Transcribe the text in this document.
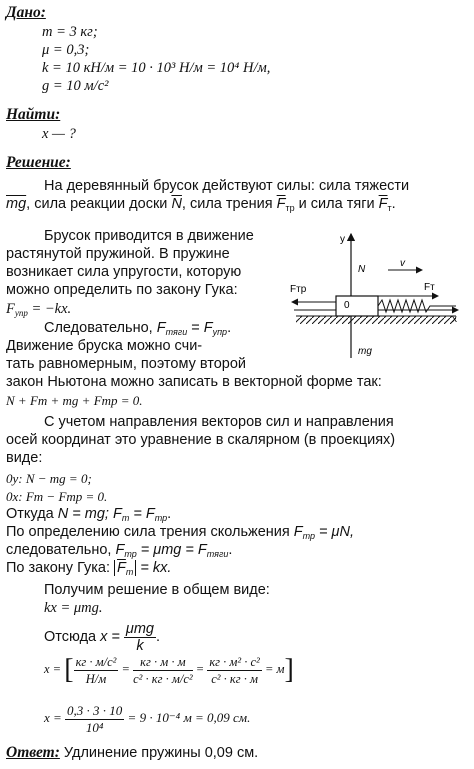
Дано:
m = 3 кг;
μ = 0,3;
k = 10 кН/м = 10 · 10³ Н/м = 10⁴ Н/м,
g = 10 м/c²
Найти:
x — ?
Решение:
На деревянный брусок действуют силы: сила тяжести
$\overline{mg}$, сила реакции доски $\overline{N}$, сила трения $\overline{F}_{тр}$ и сила тяги $\overline{F}_т$.
Брусок приводится в движение
растянутой пружиной. В пружине
возникает сила упругости, которую
можно определить по закону Гука:
$F_{упр} = -kx$.
Следовательно, $F_{тяги} = F_{упр}$.
Движение бруска можно счи-
тать равномерным, поэтому второй
закон Ньютона можно записать в векторной форме так:
N + Fт + mg + Fтр = 0.
С учетом направления векторов сил и направления
осей координат это уравнение в скалярном (в проекциях)
виде:
0y: N − mg = 0;
0x: Fт − Fтр = 0.
Откуда N = mg; $F_т = F_{тр}$.
По определению сила трения скольжения $F_{тр} = \mu N$,
следовательно, $F_{тр} = \mu mg = F_{тяги}$.
По закону Гука: $\overline{F}_т$ = kx.
Получим решение в общем виде:
kx = μmg.
Отсюда $x = \frac{\text{μmg}}{k}$ .
x = [ $\frac{\text{кг · м/c²}}{Н/м} = \frac{кг \cdot м \cdot м}{\text{c² · кг · м/c²}} = \frac{\text{кг · м² · c²}}{\text{c² · кг · м}} = м$]
$x = \frac{0,3 \cdot 3 \cdot 10}{\text{10⁴}} = 9 \cdot 10^{-4}$ м = 0,09 см.
Ответ: Удлинение пружины 0,09 см.
x
y
0
N
v
Fтр	Fт
mg
